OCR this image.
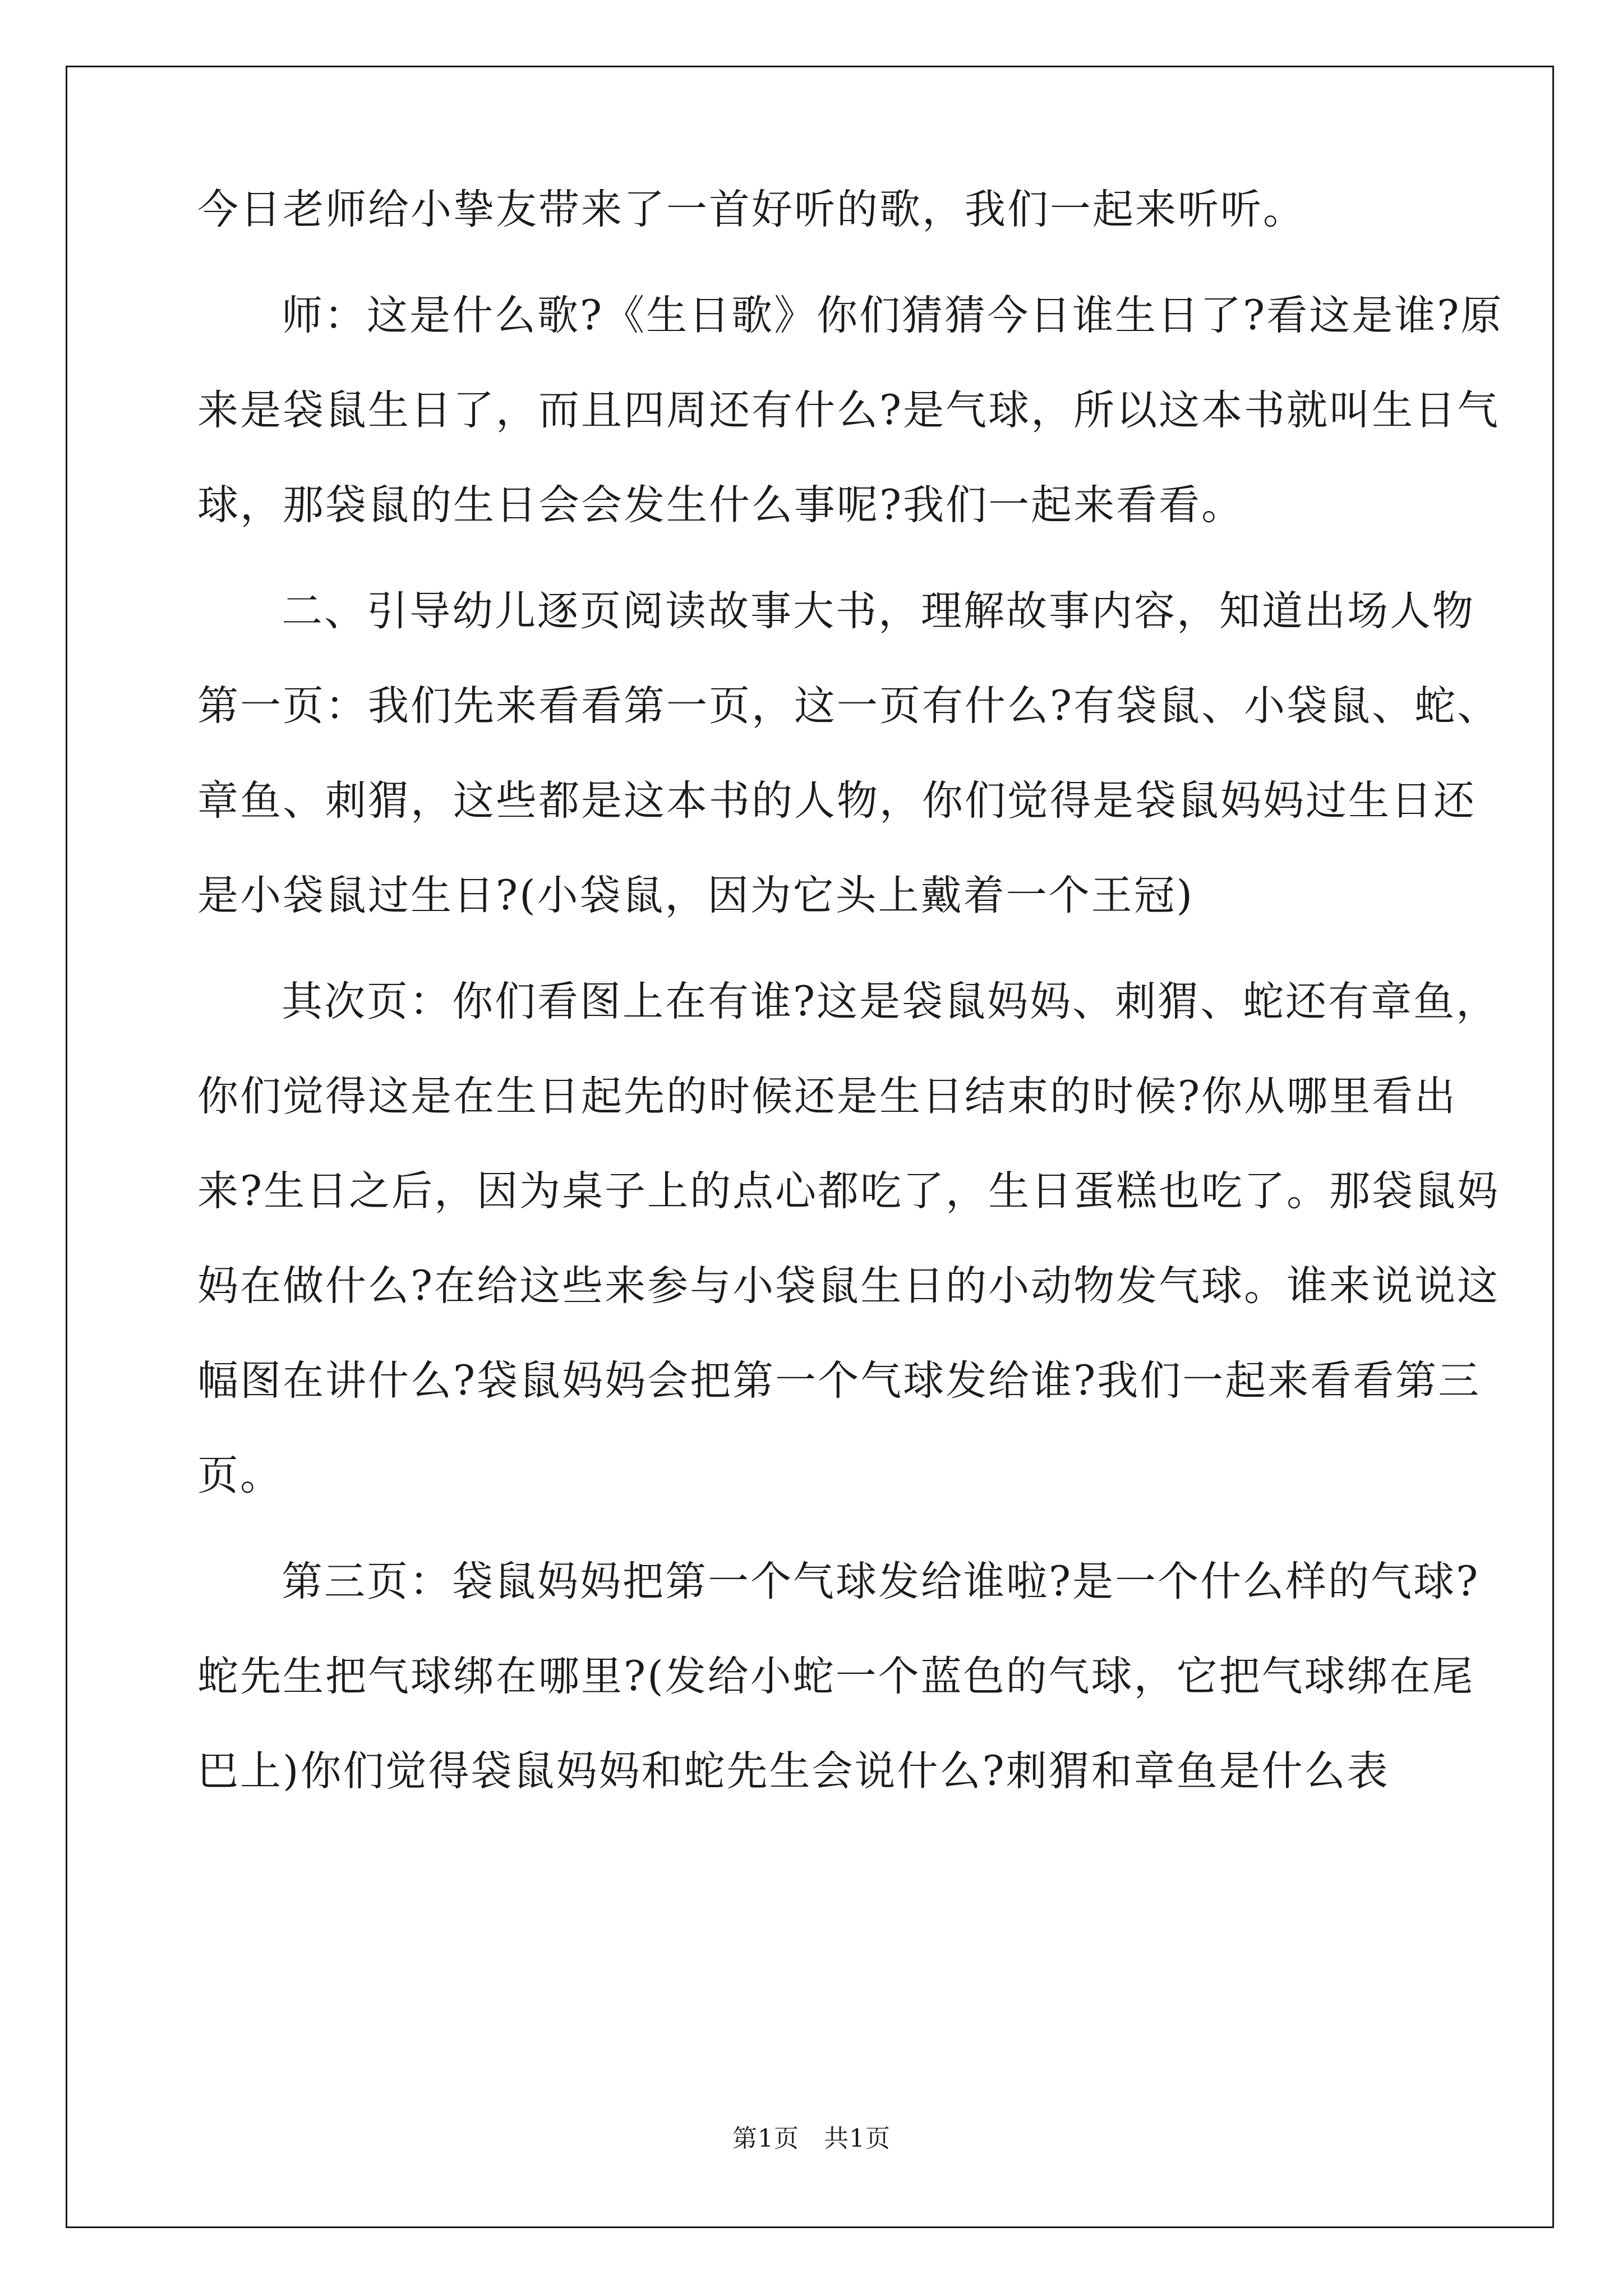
今日老师给小挚友带来了一首好听的歌，我们一起来听听。
师：这是什么歌?《生日歌》你们猜猜今日谁生日了?看这是谁?原
来是袋鼠生日了，而且四周还有什么?是气球，所以这本书就叫生日气
球，那袋鼠的生日会会发生什么事呢?我们一起来看看。
二、引导幼儿逐页阅读故事大书，理解故事内容，知道出场人物
第一页：我们先来看看第一页，这一页有什么?有袋鼠、小袋鼠、蛇、
章鱼、刺猬，这些都是这本书的人物，你们觉得是袋鼠妈妈过生日还
是小袋鼠过生日?(小袋鼠，因为它头上戴着一个王冠)
其次页：你们看图上在有谁?这是袋鼠妈妈、刺猬、蛇还有章鱼，
你们觉得这是在生日起先的时候还是生日结束的时候?你从哪里看出
来?生日之后，因为桌子上的点心都吃了，生日蛋糕也吃了。那袋鼠妈
妈在做什么?在给这些来参与小袋鼠生日的小动物发气球。谁来说说这
幅图在讲什么?袋鼠妈妈会把第一个气球发给谁?我们一起来看看第三
页。
第三页：袋鼠妈妈把第一个气球发给谁啦?是一个什么样的气球?
蛇先生把气球绑在哪里?(发给小蛇一个蓝色的气球，它把气球绑在尾
巴上)你们觉得袋鼠妈妈和蛇先生会说什么?刺猬和章鱼是什么表
第1页 共1页
